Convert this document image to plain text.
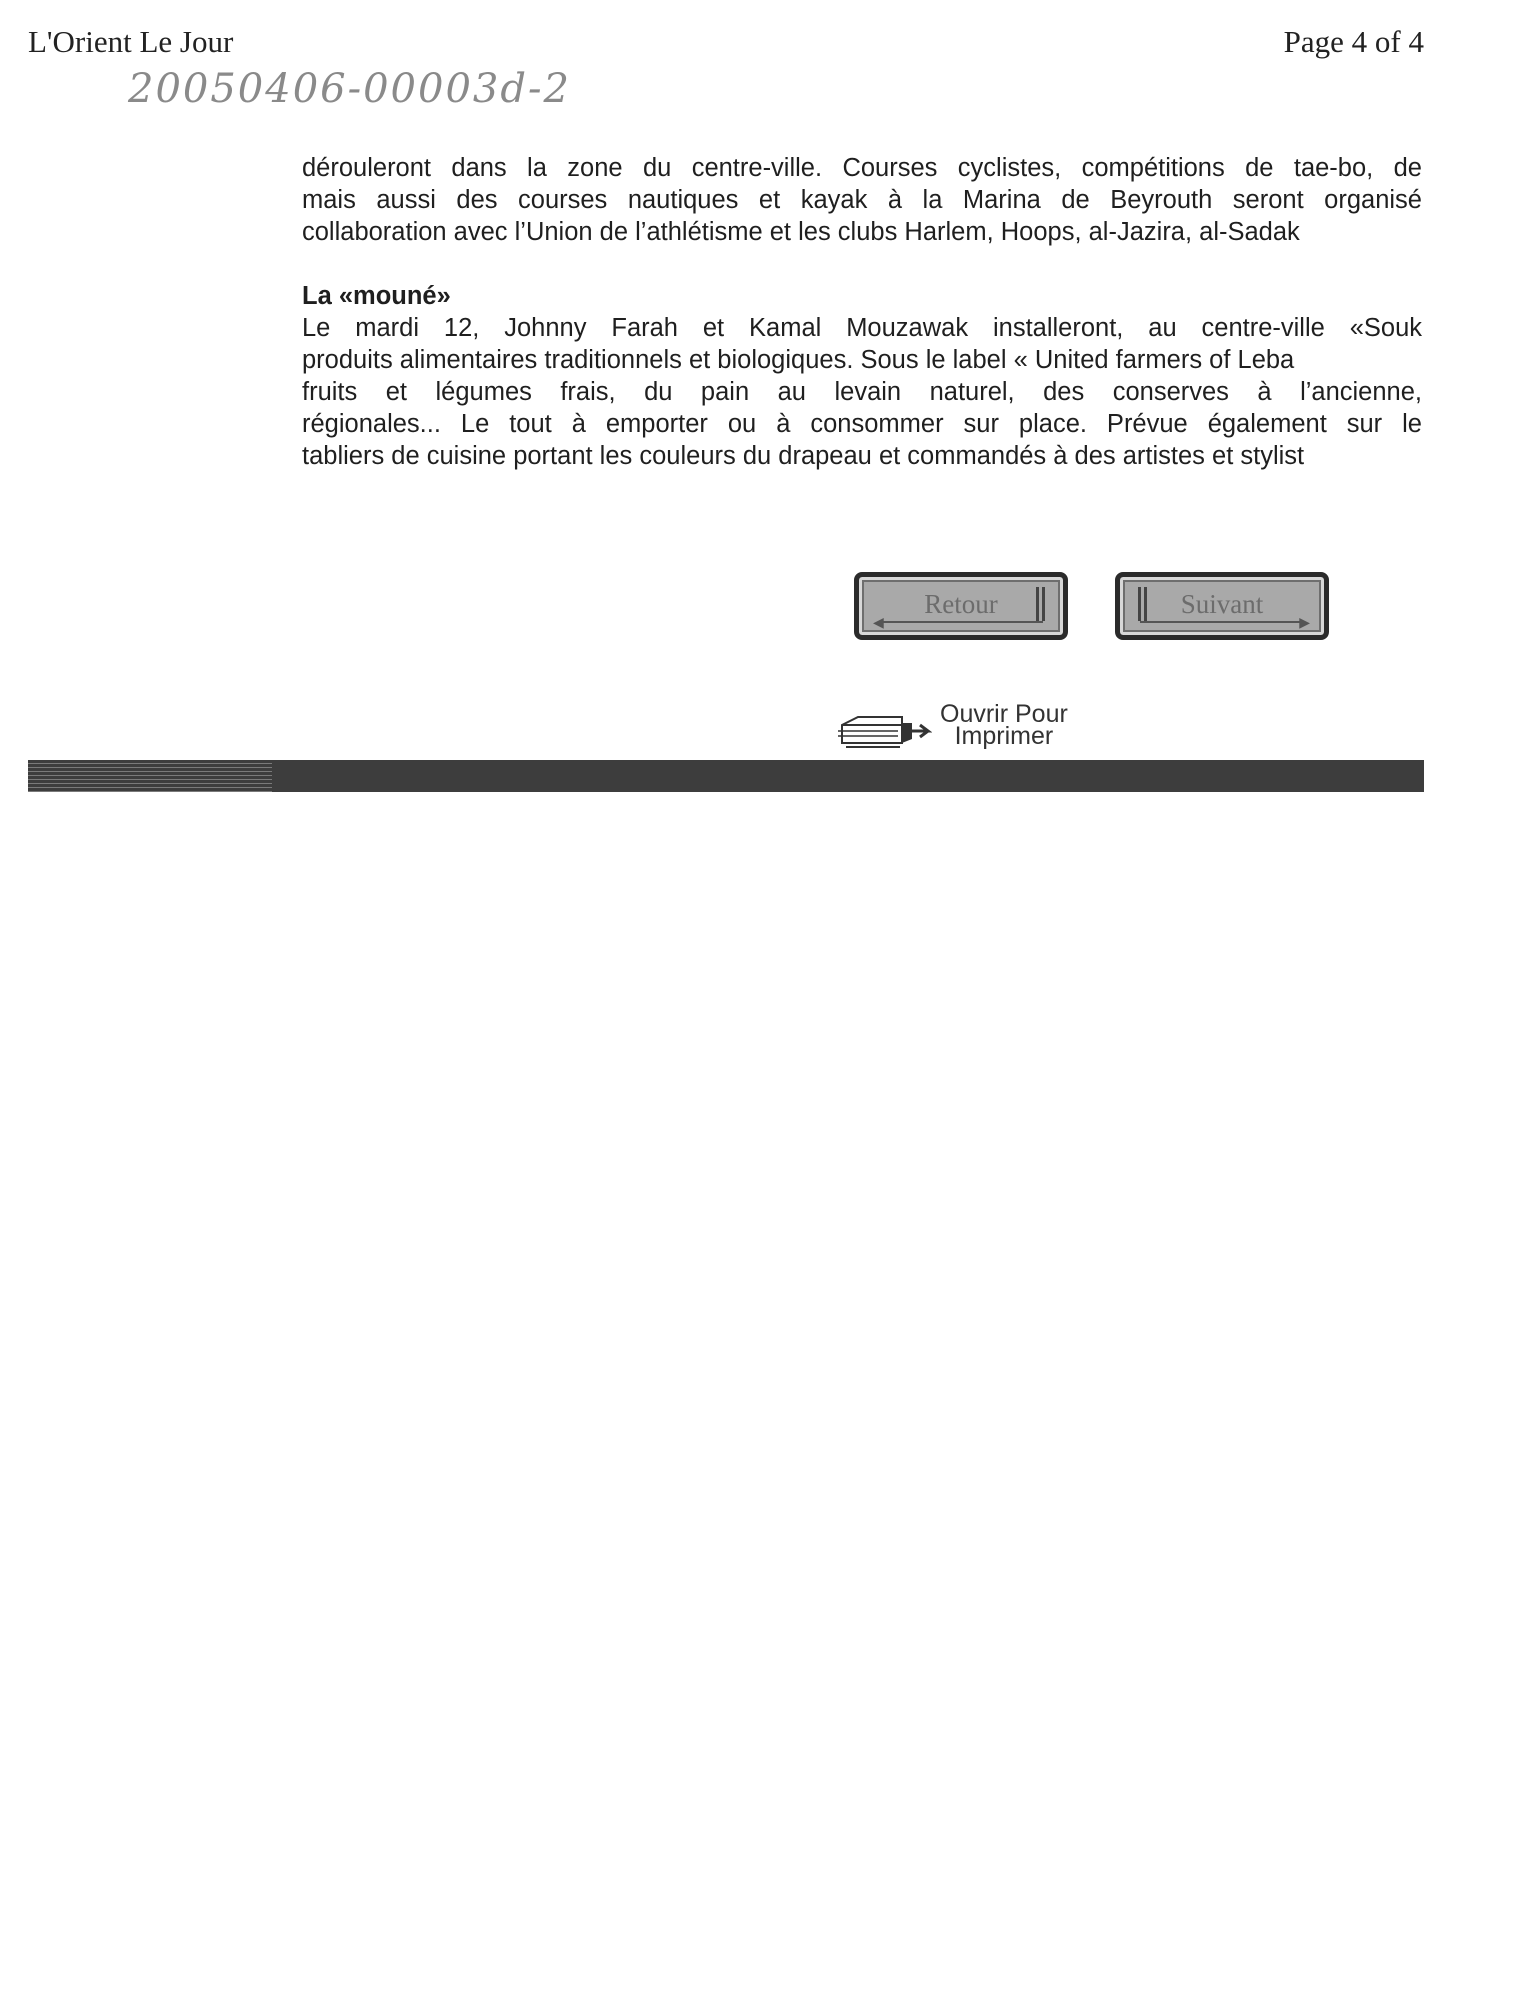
L'Orient Le Jour	Page 4 of 4
20050406-00003d-2
dérouleront dans la zone du centre-ville. Courses cyclistes, compétitions de tae-bo, de
mais aussi des courses nautiques et kayak à la Marina de Beyrouth seront organisé
collaboration avec l’Union de l’athlétisme et les clubs Harlem, Hoops, al-Jazira, al-Sadak
La «mouné»
Le mardi 12, Johnny Farah et Kamal Mouzawak installeront, au centre-ville «Souk
produits alimentaires traditionnels et biologiques. Sous le label « United farmers of Leba
fruits et légumes frais, du pain au levain naturel, des conserves à l’ancienne,
régionales... Le tout à emporter ou à consommer sur place. Prévue également sur le
tabliers de cuisine portant les couleurs du drapeau et commandés à des artistes et stylist
Retour
◀
Suivant
▶
Ouvrir Pour
Imprimer
